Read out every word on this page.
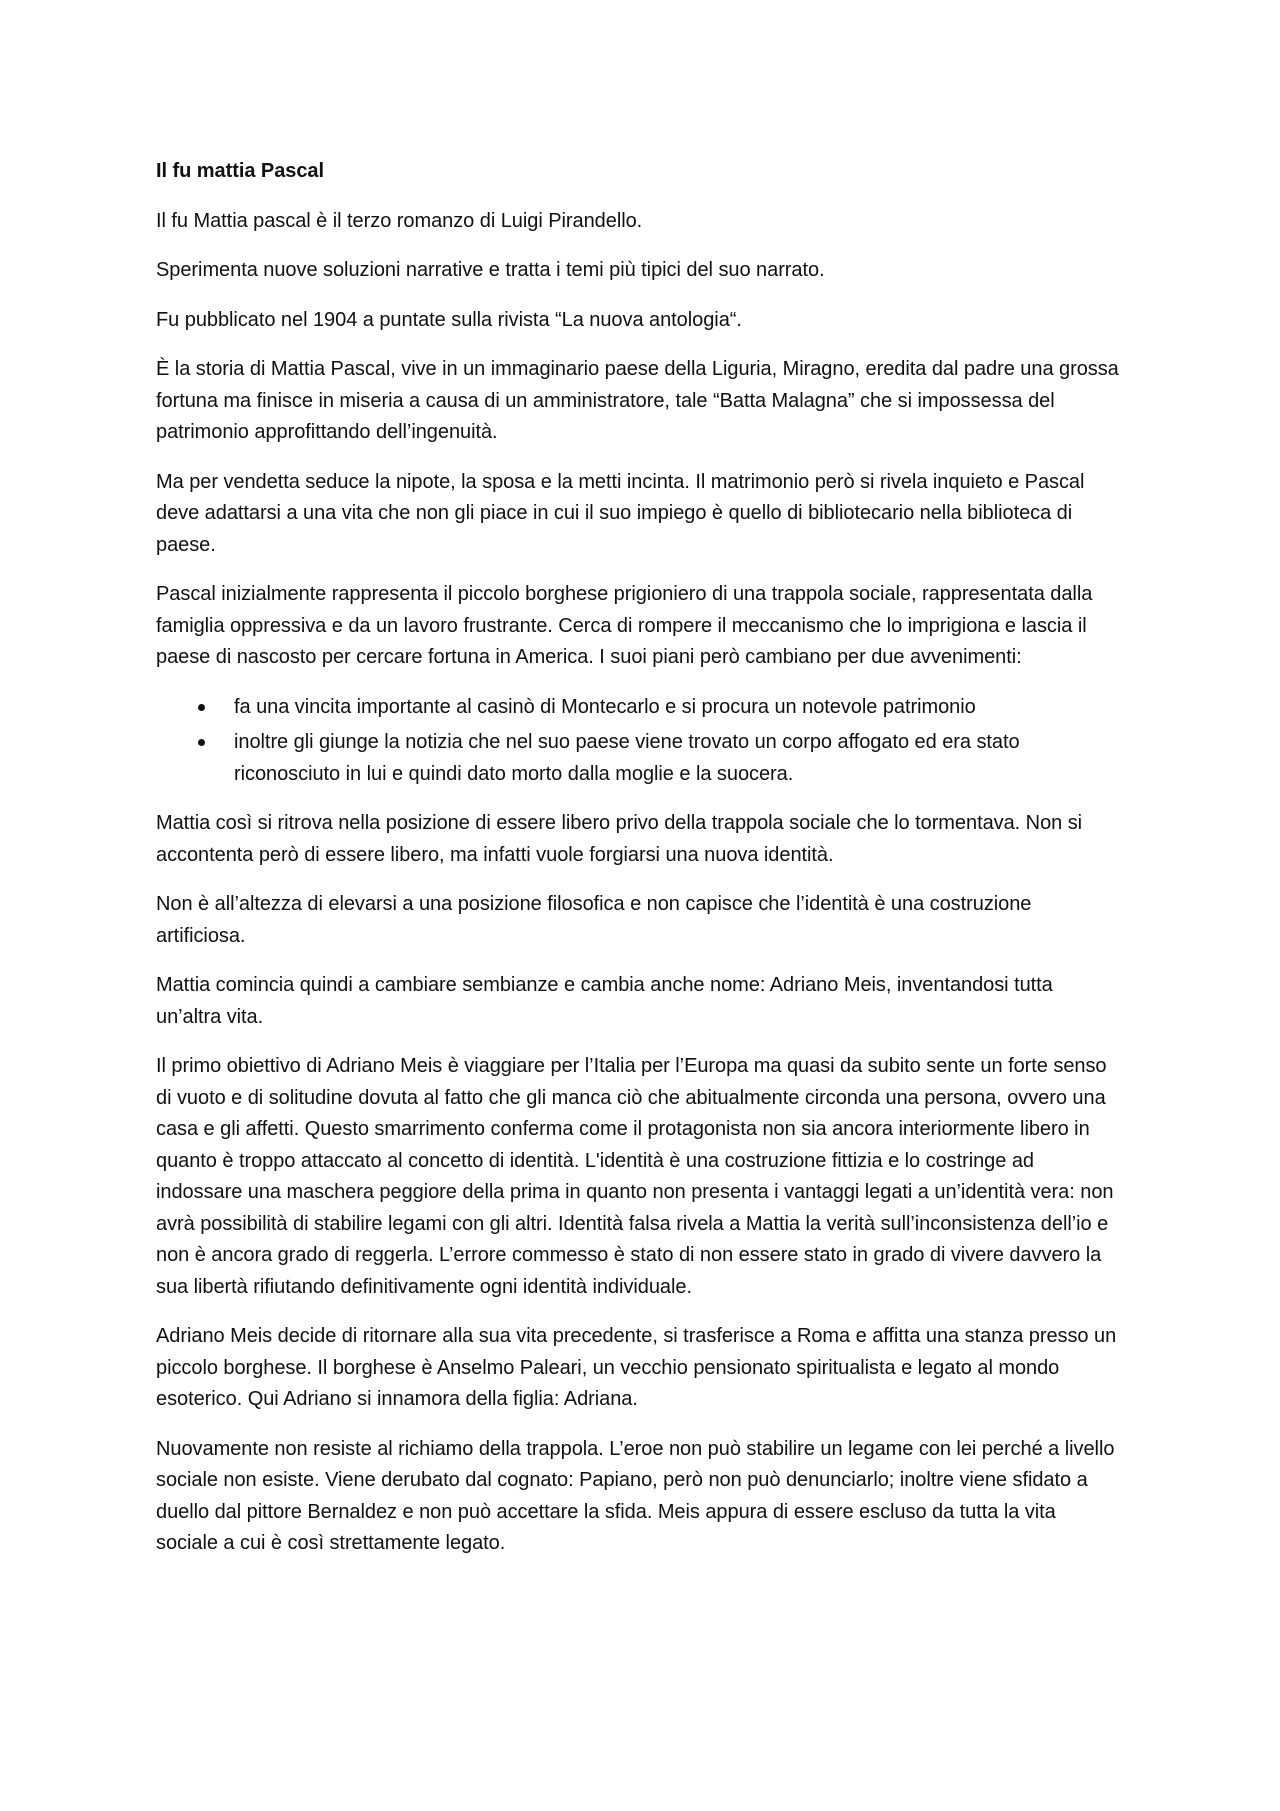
Il fu mattia Pascal

Il fu Mattia pascal è il terzo romanzo di Luigi Pirandello.

Sperimenta nuove soluzioni narrative e tratta i temi più tipici del suo narrato.

Fu pubblicato nel 1904 a puntate sulla rivista “La nuova antologia“.

È la storia di Mattia Pascal, vive in un immaginario paese della Liguria, Miragno, eredita dal padre una grossa fortuna ma finisce in miseria a causa di un amministratore, tale “Batta Malagna” che si impossessa del patrimonio approfittando dell’ingenuità.

Ma per vendetta seduce la nipote, la sposa e la metti incinta. Il matrimonio però si rivela inquieto e Pascal deve adattarsi a una vita che non gli piace in cui il suo impiego è quello di bibliotecario nella biblioteca di paese.

Pascal inizialmente rappresenta il piccolo borghese prigioniero di una trappola sociale, rappresentata dalla famiglia oppressiva e da un lavoro frustrante. Cerca di rompere il meccanismo che lo imprigiona e lascia il paese di nascosto per cercare fortuna in America. I suoi piani però cambiano per due avvenimenti:

fa una vincita importante al casinò di Montecarlo e si procura un notevole patrimonio
inoltre gli giunge la notizia che nel suo paese viene trovato un corpo affogato ed era stato riconosciuto in lui e quindi dato morto dalla moglie e la suocera.

Mattia così si ritrova nella posizione di essere libero privo della trappola sociale che lo tormentava. Non si accontenta però di essere libero, ma infatti vuole forgiarsi una nuova identità.

Non è all’altezza di elevarsi a una posizione filosofica e non capisce che l’identità è una costruzione artificiosa.

Mattia comincia quindi a cambiare sembianze e cambia anche nome: Adriano Meis, inventandosi tutta un’altra vita.

Il primo obiettivo di Adriano Meis è viaggiare per l’Italia per l’Europa ma quasi da subito sente un forte senso di vuoto e di solitudine dovuta al fatto che gli manca ciò che abitualmente circonda una persona, ovvero una casa e gli affetti. Questo smarrimento conferma come il protagonista non sia ancora interiormente libero in quanto è troppo attaccato al concetto di identità. L'identità è una costruzione fittizia e lo costringe ad indossare una maschera peggiore della prima in quanto non presenta i vantaggi legati a un’identità vera: non avrà possibilità di stabilire legami con gli altri. Identità falsa rivela a Mattia la verità sull’inconsistenza dell’io e non è ancora grado di reggerla. L’errore commesso è stato di non essere stato in grado di vivere davvero la sua libertà rifiutando definitivamente ogni identità individuale.

Adriano Meis decide di ritornare alla sua vita precedente, si trasferisce a Roma e affitta una stanza presso un piccolo borghese. Il borghese è Anselmo Paleari, un vecchio pensionato spiritualista e legato al mondo esoterico. Qui Adriano si innamora della figlia: Adriana.

Nuovamente non resiste al richiamo della trappola. L’eroe non può stabilire un legame con lei perché a livello sociale non esiste. Viene derubato dal cognato: Papiano, però non può denunciarlo; inoltre viene sfidato a duello dal pittore Bernaldez e non può accettare la sfida. Meis appura di essere escluso da tutta la vita sociale a cui è così strettamente legato.
